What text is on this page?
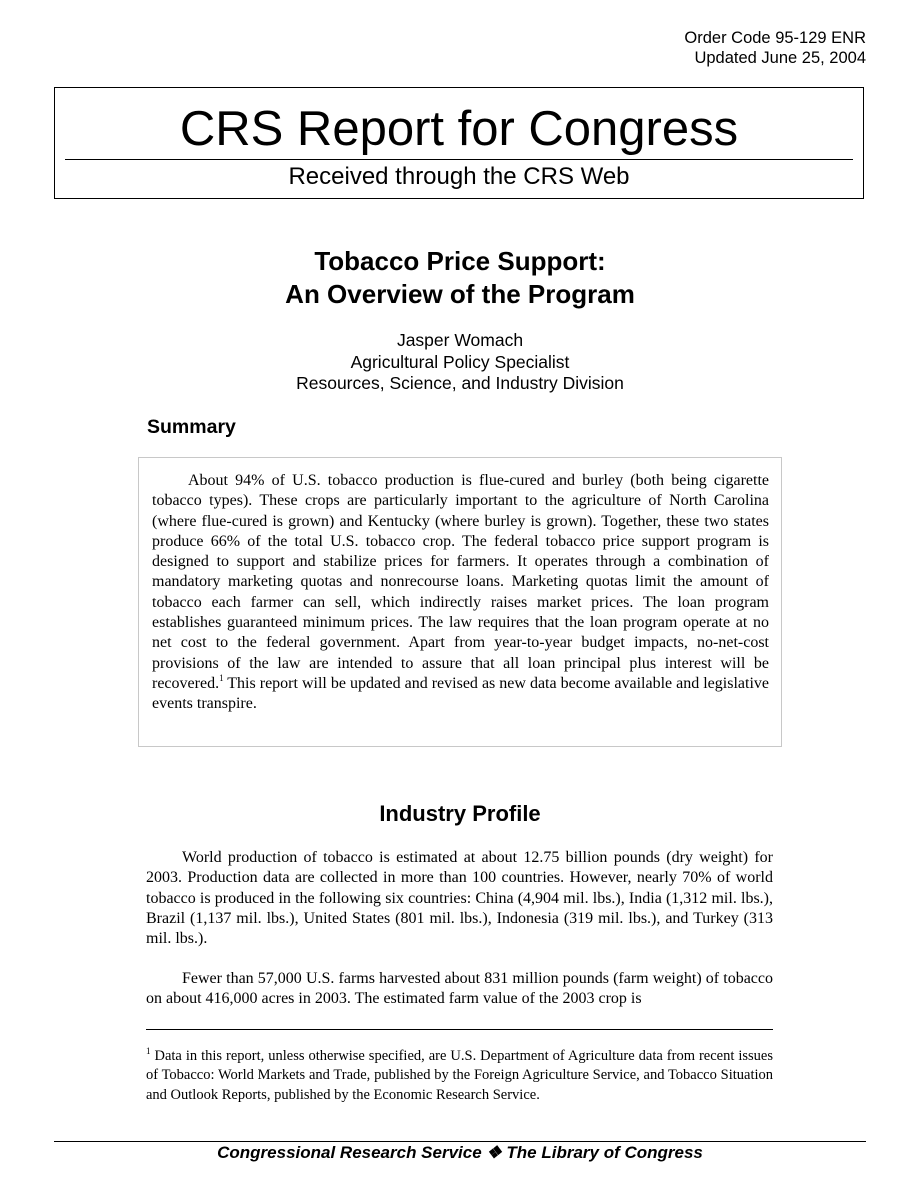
Order Code 95-129 ENR
Updated June 25, 2004
CRS Report for Congress
Received through the CRS Web
Tobacco Price Support:
An Overview of the Program
Jasper Womach
Agricultural Policy Specialist
Resources, Science, and Industry Division
Summary

About 94% of U.S. tobacco production is flue-cured and burley (both being cigarette tobacco types). These crops are particularly important to the agriculture of North Carolina (where flue-cured is grown) and Kentucky (where burley is grown). Together, these two states produce 66% of the total U.S. tobacco crop. The federal tobacco price support program is designed to support and stabilize prices for farmers. It operates through a combination of mandatory marketing quotas and nonrecourse loans. Marketing quotas limit the amount of tobacco each farmer can sell, which indirectly raises market prices. The loan program establishes guaranteed minimum prices. The law requires that the loan program operate at no net cost to the federal government. Apart from year-to-year budget impacts, no-net-cost provisions of the law are intended to assure that all loan principal plus interest will be recovered.$^1$ This report will be updated and revised as new data become available and legislative events transpire.

Industry Profile

World production of tobacco is estimated at about 12.75 billion pounds (dry weight) for 2003. Production data are collected in more than 100 countries. However, nearly 70% of world tobacco is produced in the following six countries: China (4,904 mil. lbs.), India (1,312 mil. lbs.), Brazil (1,137 mil. lbs.), United States (801 mil. lbs.), Indonesia (319 mil. lbs.), and Turkey (313 mil. lbs.).

Fewer than 57,000 U.S. farms harvested about 831 million pounds (farm weight) of tobacco on about 416,000 acres in 2003. The estimated farm value of the 2003 crop is

$^1$ Data in this report, unless otherwise specified, are U.S. Department of Agriculture data from recent issues of Tobacco: World Markets and Trade, published by the Foreign Agriculture Service, and Tobacco Situation and Outlook Reports, published by the Economic Research Service.

Congressional Research Service ❖ The Library of Congress
